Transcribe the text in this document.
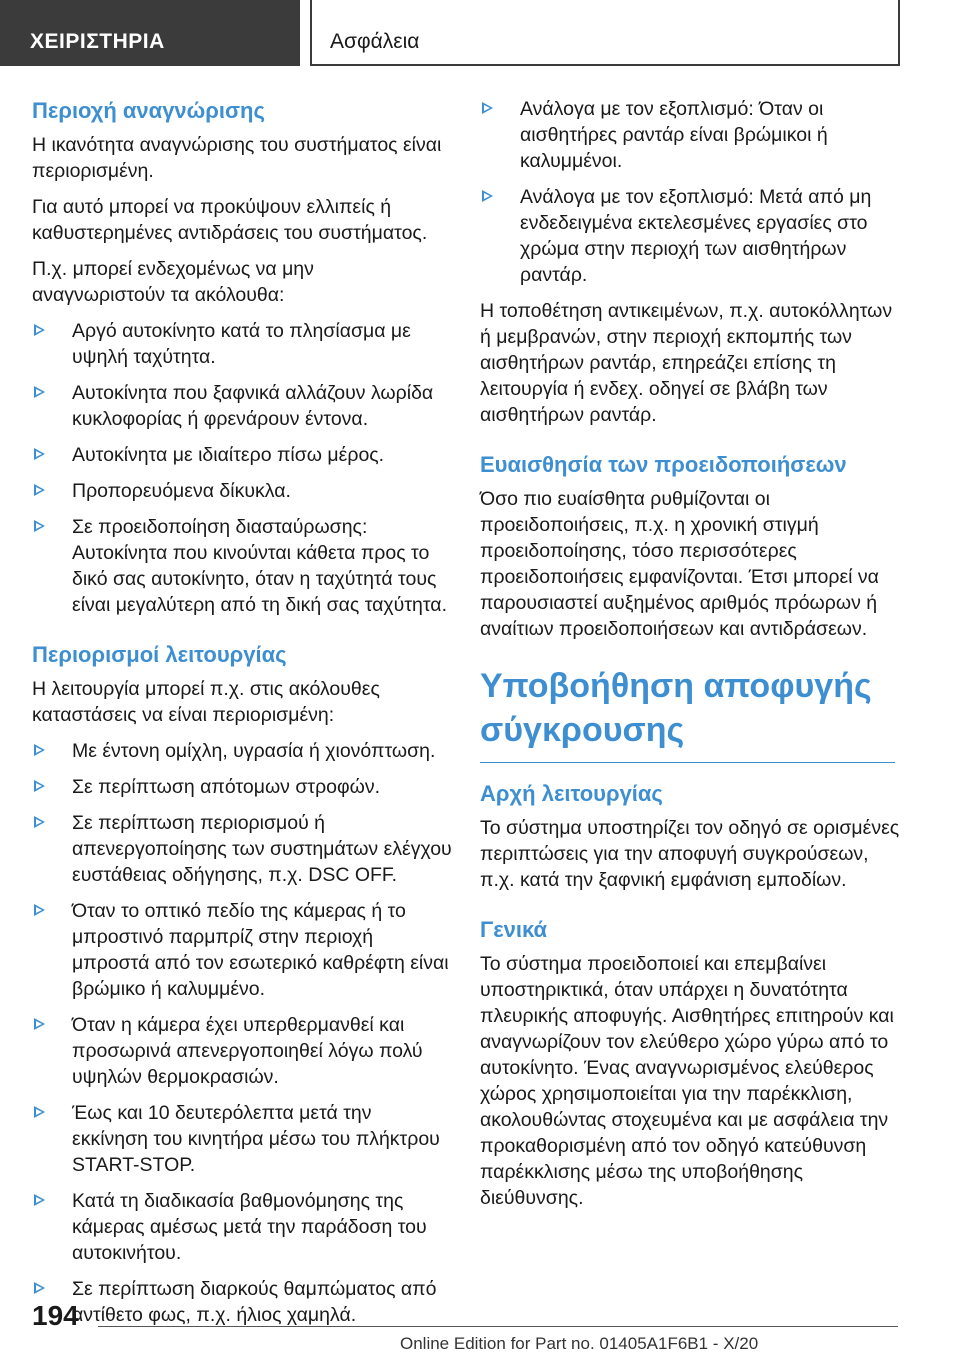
ΧΕΙΡΙΣΤΗΡΙΑ	Ασφάλεια
Περιοχή αναγνώρισης

Η ικανότητα αναγνώρισης του συστήματος είναι περιορισμένη.

Για αυτό μπορεί να προκύψουν ελλιπείς ή καθυστερημένες αντιδράσεις του συστήματος.

Π.χ. μπορεί ενδεχομένως να μην αναγνωριστούν τα ακόλουθα:

Αργό αυτοκίνητο κατά το πλησίασμα με υψηλή ταχύτητα.
Αυτοκίνητα που ξαφνικά αλλάζουν λωρίδα κυκλοφορίας ή φρενάρουν έντονα.
Αυτοκίνητα με ιδιαίτερο πίσω μέρος.
Προπορευόμενα δίκυκλα.
Σε προειδοποίηση διασταύρωσης: Αυτοκίνητα που κινούνται κάθετα προς το δικό σας αυτοκίνητο, όταν η ταχύτητά τους είναι μεγαλύτερη από τη δική σας ταχύτητα.
Περιορισμοί λειτουργίας

Η λειτουργία μπορεί π.χ. στις ακόλουθες καταστάσεις να είναι περιορισμένη:

Με έντονη ομίχλη, υγρασία ή χιονόπτωση.
Σε περίπτωση απότομων στροφών.
Σε περίπτωση περιορισμού ή απενεργοποίησης των συστημάτων ελέγχου ευστάθειας οδήγησης, π.χ. DSC OFF.
Όταν το οπτικό πεδίο της κάμερας ή το μπροστινό παρμπρίζ στην περιοχή μπροστά από τον εσωτερικό καθρέφτη είναι βρώμικο ή καλυμμένο.
Όταν η κάμερα έχει υπερθερμανθεί και προσωρινά απενεργοποιηθεί λόγω πολύ υψηλών θερμοκρασιών.
Έως και 10 δευτερόλεπτα μετά την εκκίνηση του κινητήρα μέσω του πλήκτρου START-STOP.
Κατά τη διαδικασία βαθμονόμησης της κάμερας αμέσως μετά την παράδοση του αυτοκινήτου.
Σε περίπτωση διαρκούς θαμπώματος από αντίθετο φως, π.χ. ήλιος χαμηλά.
Ανάλογα με τον εξοπλισμό: Όταν οι αισθητήρες ραντάρ είναι βρώμικοι ή καλυμμένοι.
Ανάλογα με τον εξοπλισμό: Μετά από μη ενδεδειγμένα εκτελεσμένες εργασίες στο χρώμα στην περιοχή των αισθητήρων ραντάρ.

Η τοποθέτηση αντικειμένων, π.χ. αυτοκόλλητων ή μεμβρανών, στην περιοχή εκπομπής των αισθητήρων ραντάρ, επηρεάζει επίσης τη λειτουργία ή ενδεχ. οδηγεί σε βλάβη των αισθητήρων ραντάρ.

Ευαισθησία των προειδοποιήσεων

Όσο πιο ευαίσθητα ρυθμίζονται οι προειδοποιήσεις, π.χ. η χρονική στιγμή προειδοποίησης, τόσο περισσότερες προειδοποιήσεις εμφανίζονται. Έτσι μπορεί να παρουσιαστεί αυξημένος αριθμός πρόωρων ή αναίτιων προειδοποιήσεων και αντιδράσεων.

Υποβοήθηση αποφυγής σύγκρουσης
Αρχή λειτουργίας

Το σύστημα υποστηρίζει τον οδηγό σε ορισμένες περιπτώσεις για την αποφυγή συγκρούσεων, π.χ. κατά την ξαφνική εμφάνιση εμποδίων.

Γενικά

Το σύστημα προειδοποιεί και επεμβαίνει υποστηρικτικά, όταν υπάρχει η δυνατότητα πλευρικής αποφυγής. Αισθητήρες επιτηρούν και αναγνωρίζουν τον ελεύθερο χώρο γύρω από το αυτοκίνητο. Ένας αναγνωρισμένος ελεύθερος χώρος χρησιμοποιείται για την παρέκκλιση, ακολουθώντας στοχευμένα και με ασφάλεια την προκαθορισμένη από τον οδηγό κατεύθυνση παρέκκλισης μέσω της υποβοήθησης διεύθυνσης.

194
Online Edition for Part no. 01405A1F6B1 - X/20
